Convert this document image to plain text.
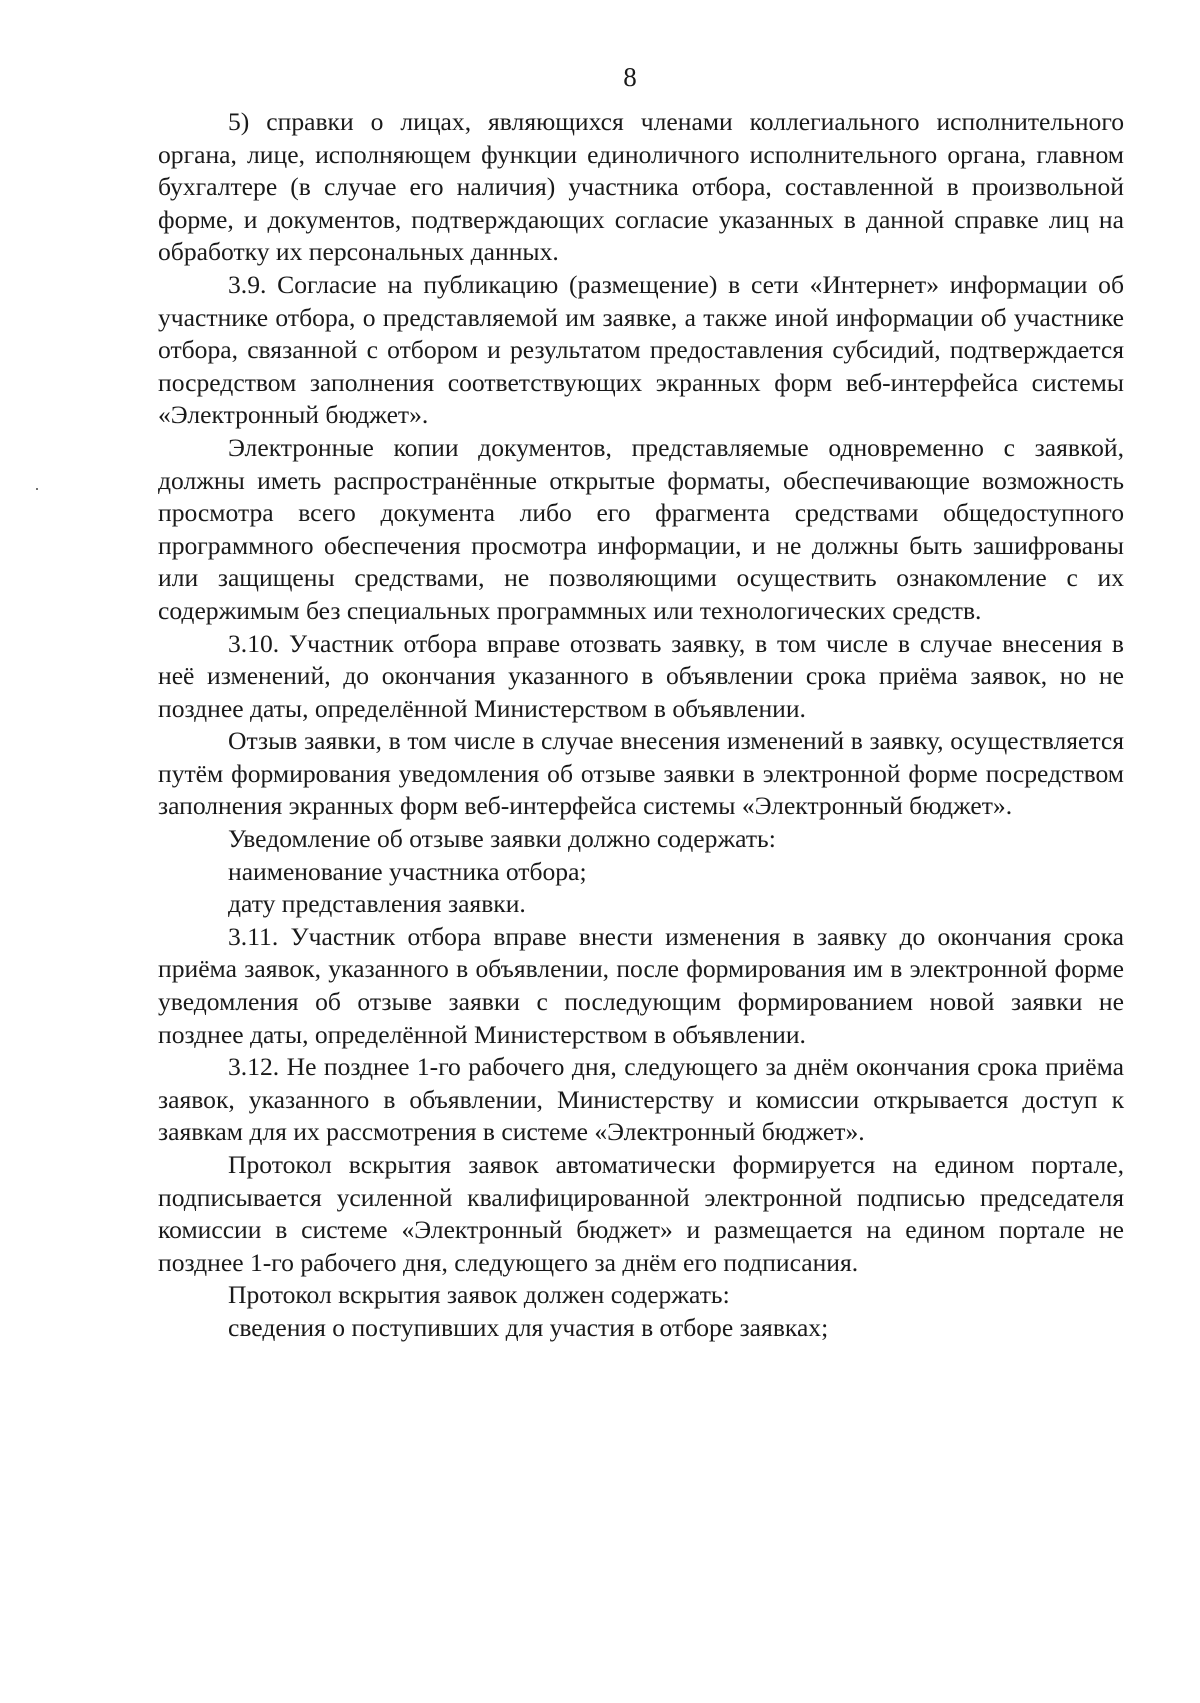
8

5) справки о лицах, являющихся членами коллегиального исполнительного органа, лице, исполняющем функции единоличного исполнительного органа, главном бухгалтере (в случае его наличия) участника отбора, составленной в произвольной форме, и документов, подтверждающих согласие указанных в данной справке лиц на обработку их персональных данных.

3.9. Согласие на публикацию (размещение) в сети «Интернет» информации об участнике отбора, о представляемой им заявке, а также иной информации об участнике отбора, связанной с отбором и результатом предоставления субсидий, подтверждается посредством заполнения соответствующих экранных форм веб-интерфейса системы «Электронный бюджет».

Электронные копии документов, представляемые одновременно с заявкой, должны иметь распространённые открытые форматы, обеспечивающие возможность просмотра всего документа либо его фрагмента средствами общедоступного программного обеспечения просмотра информации, и не должны быть зашифрованы или защищены средствами, не позволяющими осуществить ознакомление с их содержимым без специальных программных или технологических средств.

3.10. Участник отбора вправе отозвать заявку, в том числе в случае внесения в неё изменений, до окончания указанного в объявлении срока приёма заявок, но не позднее даты, определённой Министерством в объявлении.

Отзыв заявки, в том числе в случае внесения изменений в заявку, осуществляется путём формирования уведомления об отзыве заявки в электронной форме посредством заполнения экранных форм веб-интерфейса системы «Электронный бюджет».

Уведомление об отзыве заявки должно содержать:

наименование участника отбора;

дату представления заявки.

3.11. Участник отбора вправе внести изменения в заявку до окончания срока приёма заявок, указанного в объявлении, после формирования им в электронной форме уведомления об отзыве заявки с последующим формированием новой заявки не позднее даты, определённой Министерством в объявлении.

3.12. Не позднее 1-го рабочего дня, следующего за днём окончания срока приёма заявок, указанного в объявлении, Министерству и комиссии открывается доступ к заявкам для их рассмотрения в системе «Электронный бюджет».

Протокол вскрытия заявок автоматически формируется на едином портале, подписывается усиленной квалифицированной электронной подписью председателя комиссии в системе «Электронный бюджет» и размещается на едином портале не позднее 1-го рабочего дня, следующего за днём его подписания.

Протокол вскрытия заявок должен содержать:

сведения о поступивших для участия в отборе заявках;
